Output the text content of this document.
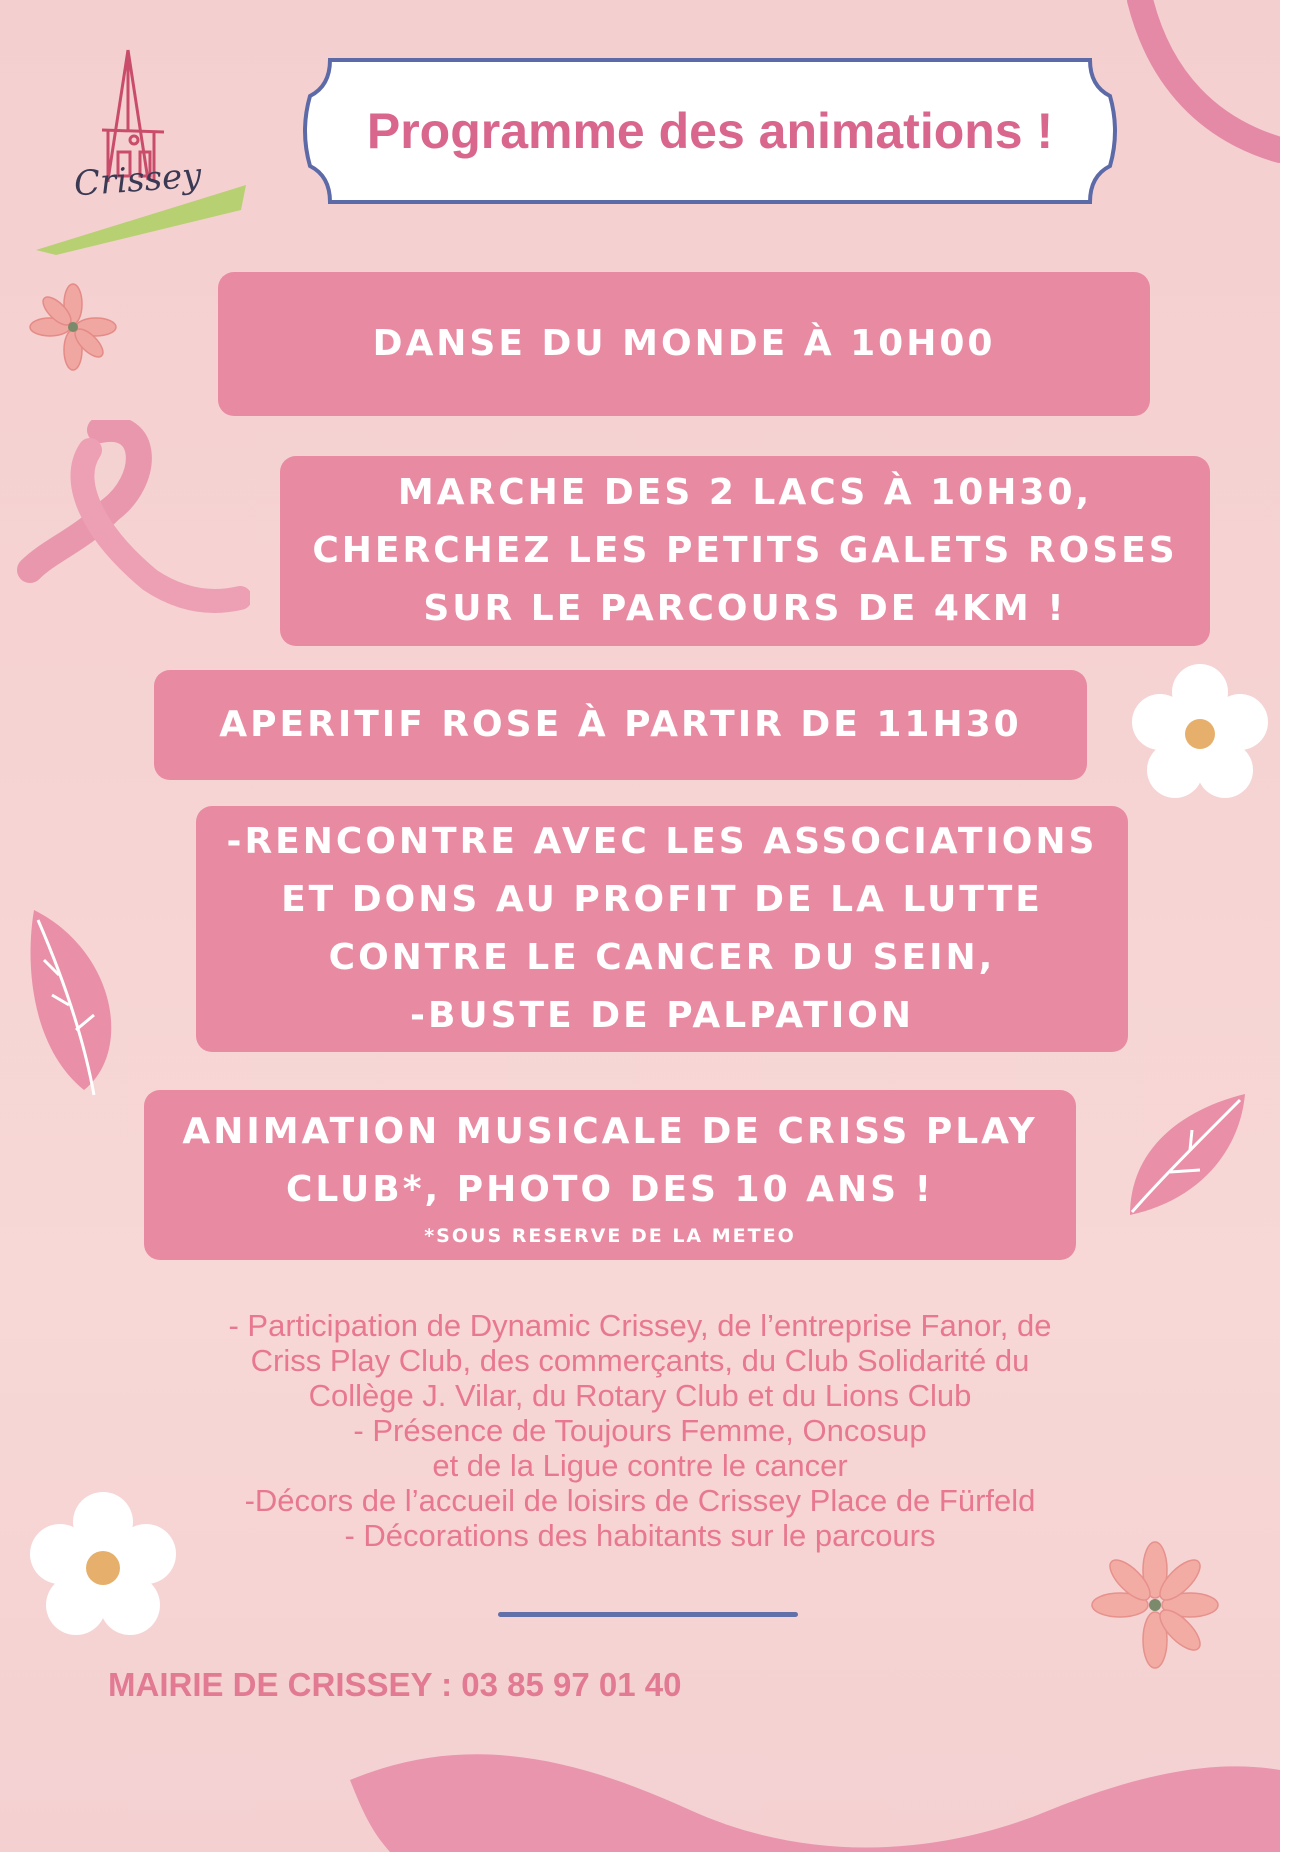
Crissey
Programme des animations !
DANSE DU MONDE À 10H00
MARCHE DES 2 LACS À 10H30,
CHERCHEZ LES PETITS GALETS ROSES
SUR LE PARCOURS DE 4KM !
APERITIF ROSE À PARTIR DE 11H30
-RENCONTRE AVEC LES ASSOCIATIONS
ET DONS AU PROFIT DE LA LUTTE
CONTRE LE CANCER DU SEIN,
-BUSTE DE PALPATION
ANIMATION MUSICALE DE CRISS PLAY
CLUB*, PHOTO DES 10 ANS !
*SOUS RESERVE DE LA METEO
- Participation de Dynamic Crissey, de l’entreprise Fanor, de
Criss Play Club, des commerçants, du Club Solidarité du
Collège J. Vilar, du Rotary Club et du Lions Club
- Présence de Toujours Femme, Oncosup
et de la Ligue contre le cancer
-Décors de l’accueil de loisirs de Crissey Place de Fürfeld
- Décorations des habitants sur le parcours
MAIRIE DE CRISSEY : 03 85 97 01 40
